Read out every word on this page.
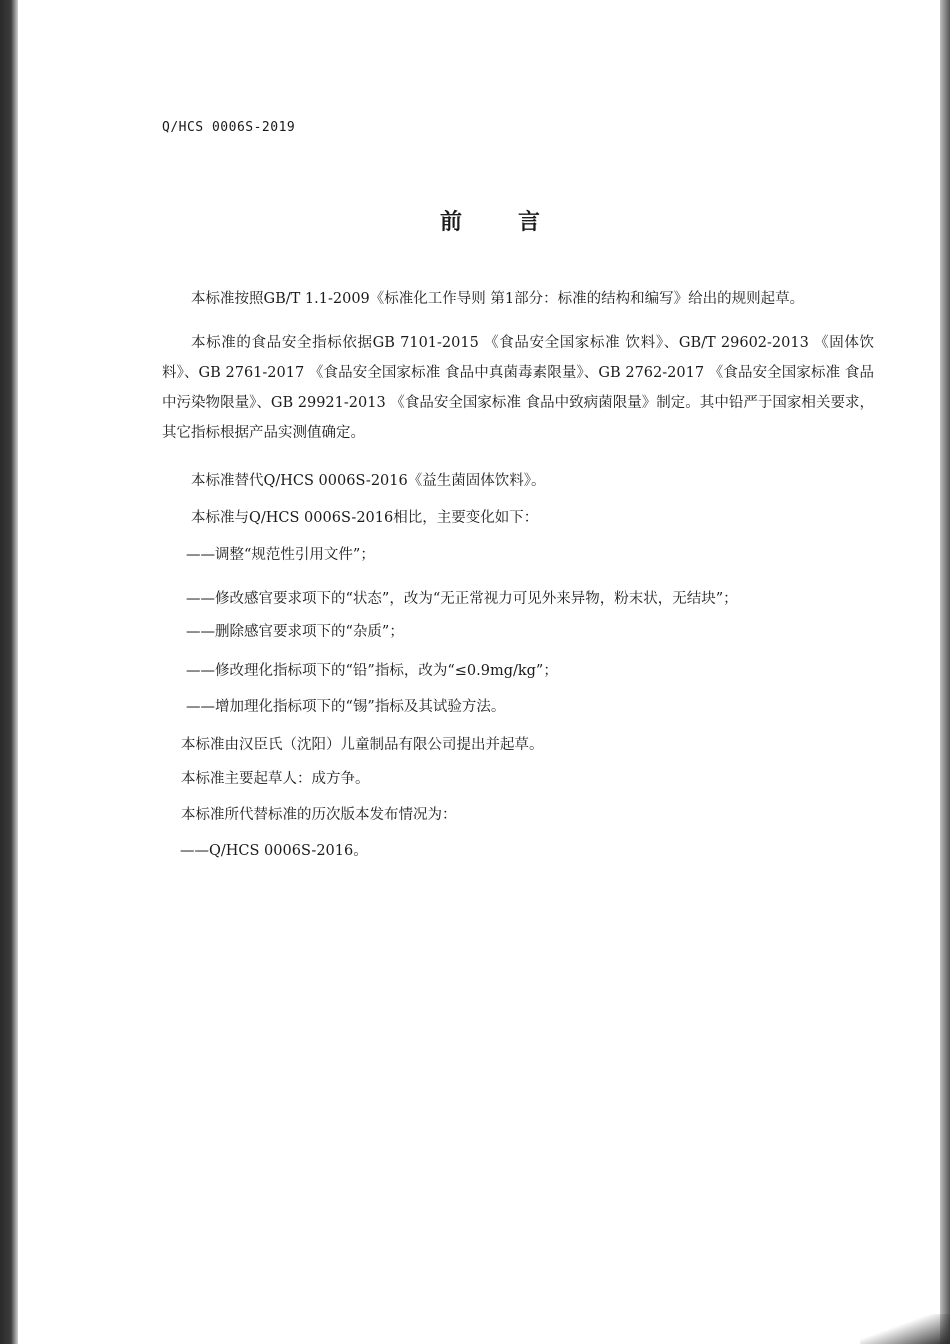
Q/HCS 0006S-2019
前言

本标准按照GB/T 1.1-2009《标准化工作导则 第1部分：标准的结构和编写》给出的规则起草。

本标准的食品安全指标依据GB 7101-2015 《食品安全国家标准 饮料》、GB/T 29602-2013 《固体饮料》、GB 2761-2017 《食品安全国家标准 食品中真菌毒素限量》、GB 2762-2017 《食品安全国家标准 食品中污染物限量》、GB 29921-2013 《食品安全国家标准 食品中致病菌限量》制定。其中铅严于国家相关要求，其它指标根据产品实测值确定。

本标准替代Q/HCS 0006S-2016《益生菌固体饮料》。

本标准与Q/HCS 0006S-2016相比，主要变化如下：

——调整“规范性引用文件”；

——修改感官要求项下的“状态”，改为“无正常视力可见外来异物，粉末状，无结块”；

——删除感官要求项下的“杂质”；

——修改理化指标项下的“铅”指标，改为“≤0.9mg/kg”；

——增加理化指标项下的“锡”指标及其试验方法。

本标准由汉臣氏（沈阳）儿童制品有限公司提出并起草。

本标准主要起草人：成方争。

本标准所代替标准的历次版本发布情况为：

——Q/HCS 0006S-2016。
